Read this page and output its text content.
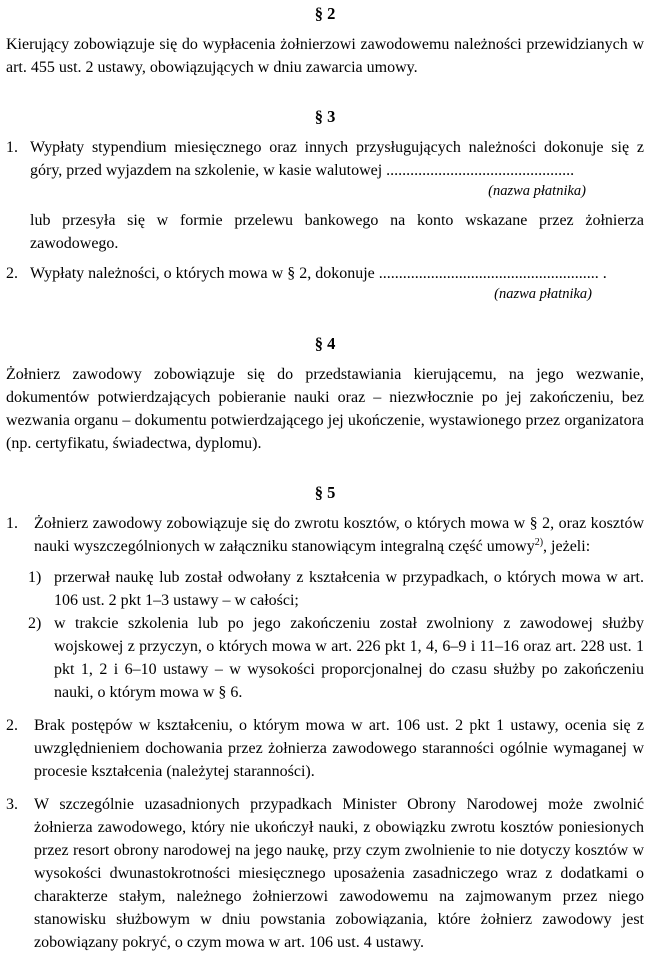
§ 2

Kierujący zobowiązuje się do wypłacenia żołnierzowi zawodowemu należności przewidzianych w art. 455 ust. 2 ustawy, obowiązujących w dniu zawarcia umowy.

§ 3

1. Wypłaty stypendium miesięcznego oraz innych przysługujących należności dokonuje się z góry, przed wyjazdem na szkolenie, w kasie walutowej ...............................................

(nazwa płatnika)

lub przesyła się w formie przelewu bankowego na konto wskazane przez żołnierza zawodowego.

2. Wypłaty należności, o których mowa w § 2, dokonuje ....................................................... .

(nazwa płatnika)

§ 4

Żołnierz zawodowy zobowiązuje się do przedstawiania kierującemu, na jego wezwanie, dokumentów potwierdzających pobieranie nauki oraz – niezwłocznie po jej zakończeniu, bez wezwania organu – dokumentu potwierdzającego jej ukończenie, wystawionego przez organizatora (np. certyfikatu, świadectwa, dyplomu).

§ 5

1. Żołnierz zawodowy zobowiązuje się do zwrotu kosztów, o których mowa w § 2, oraz kosztów nauki wyszczególnionych w załączniku stanowiącym integralną część umowy$^{2)}$, jeżeli:
1) przerwał naukę lub został odwołany z kształcenia w przypadkach, o których mowa w art. 106 ust. 2 pkt 1–3 ustawy – w całości;
2) w trakcie szkolenia lub po jego zakończeniu został zwolniony z zawodowej służby wojskowej z przyczyn, o których mowa w art. 226 pkt 1, 4, 6–9 i 11–16 oraz art. 228 ust. 1 pkt 1, 2 i 6–10 ustawy – w wysokości proporcjonalnej do czasu służby po zakończeniu nauki, o którym mowa w § 6.
2. Brak postępów w kształceniu, o którym mowa w art. 106 ust. 2 pkt 1 ustawy, ocenia się z uwzględnieniem dochowania przez żołnierza zawodowego staranności ogólnie wymaganej w procesie kształcenia (należytej staranności).
3. W szczególnie uzasadnionych przypadkach Minister Obrony Narodowej może zwolnić żołnierza zawodowego, który nie ukończył nauki, z obowiązku zwrotu kosztów poniesionych przez resort obrony narodowej na jego naukę, przy czym zwolnienie to nie dotyczy kosztów w wysokości dwunastokrotności miesięcznego uposażenia zasadniczego wraz z dodatkami o charakterze stałym, należnego żołnierzowi zawodowemu na zajmowanym przez niego stanowisku służbowym w dniu powstania zobowiązania, które żołnierz zawodowy jest zobowiązany pokryć, o czym mowa w art. 106 ust. 4 ustawy.
